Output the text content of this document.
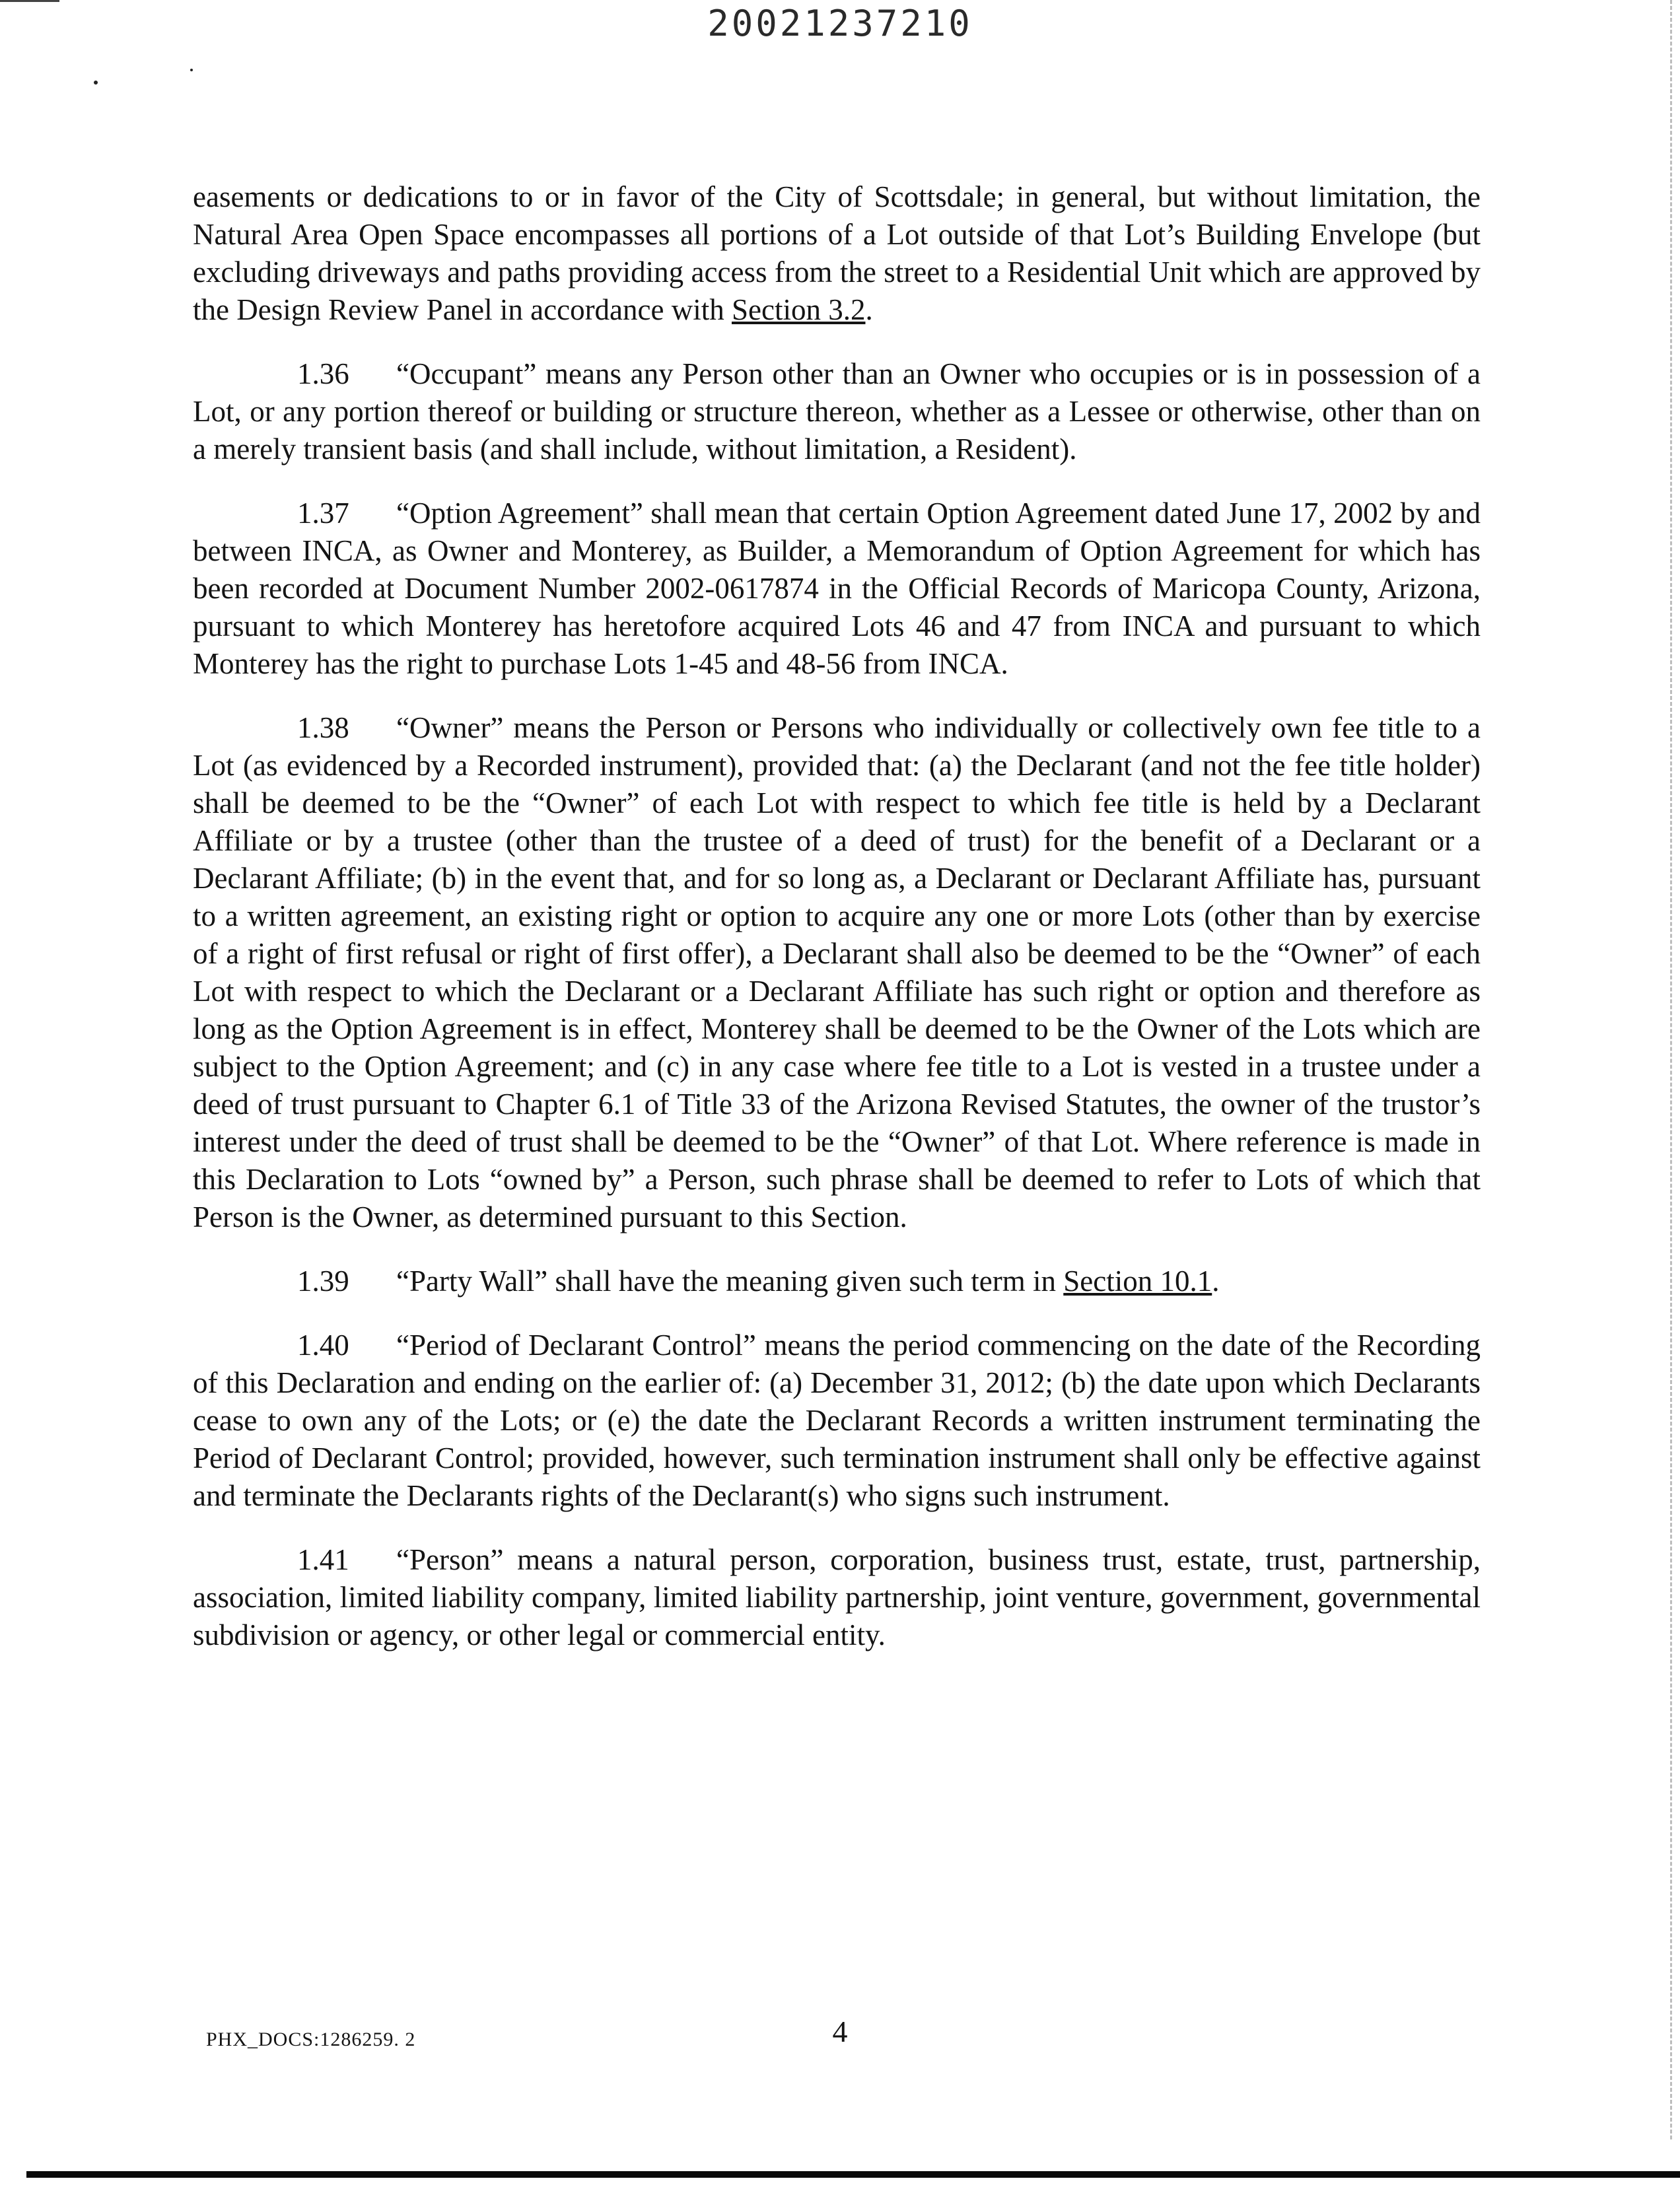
20021237210

easements or dedications to or in favor of the City of Scottsdale; in general, but without limitation, the Natural Area Open Space encompasses all portions of a Lot outside of that Lot’s Building Envelope (but excluding driveways and paths providing access from the street to a Residential Unit which are approved by the Design Review Panel in accordance with Section 3.2.

1.36 “Occupant” means any Person other than an Owner who occupies or is in possession of a Lot, or any portion thereof or building or structure thereon, whether as a Lessee or otherwise, other than on a merely transient basis (and shall include, without limitation, a Resident).

1.37 “Option Agreement” shall mean that certain Option Agreement dated June 17, 2002 by and between INCA, as Owner and Monterey, as Builder, a Memorandum of Option Agreement for which has been recorded at Document Number 2002-0617874 in the Official Records of Maricopa County, Arizona, pursuant to which Monterey has heretofore acquired Lots 46 and 47 from INCA and pursuant to which Monterey has the right to purchase Lots 1-45 and 48-56 from INCA.

1.38 “Owner” means the Person or Persons who individually or collectively own fee title to a Lot (as evidenced by a Recorded instrument), provided that: (a) the Declarant (and not the fee title holder) shall be deemed to be the “Owner” of each Lot with respect to which fee title is held by a Declarant Affiliate or by a trustee (other than the trustee of a deed of trust) for the benefit of a Declarant or a Declarant Affiliate; (b) in the event that, and for so long as, a Declarant or Declarant Affiliate has, pursuant to a written agreement, an existing right or option to acquire any one or more Lots (other than by exercise of a right of first refusal or right of first offer), a Declarant shall also be deemed to be the “Owner” of each Lot with respect to which the Declarant or a Declarant Affiliate has such right or option and therefore as long as the Option Agreement is in effect, Monterey shall be deemed to be the Owner of the Lots which are subject to the Option Agreement; and (c) in any case where fee title to a Lot is vested in a trustee under a deed of trust pursuant to Chapter 6.1 of Title 33 of the Arizona Revised Statutes, the owner of the trustor’s interest under the deed of trust shall be deemed to be the “Owner” of that Lot. Where reference is made in this Declaration to Lots “owned by” a Person, such phrase shall be deemed to refer to Lots of which that Person is the Owner, as determined pursuant to this Section.

1.39 “Party Wall” shall have the meaning given such term in Section 10.1.

1.40 “Period of Declarant Control” means the period commencing on the date of the Recording of this Declaration and ending on the earlier of: (a) December 31, 2012; (b) the date upon which Declarants cease to own any of the Lots; or (e) the date the Declarant Records a written instrument terminating the Period of Declarant Control; provided, however, such termination instrument shall only be effective against and terminate the Declarants rights of the Declarant(s) who signs such instrument.

1.41 “Person” means a natural person, corporation, business trust, estate, trust, partnership, association, limited liability company, limited liability partnership, joint venture, government, governmental subdivision or agency, or other legal or commercial entity.

PHX_DOCS:1286259. 2	4
